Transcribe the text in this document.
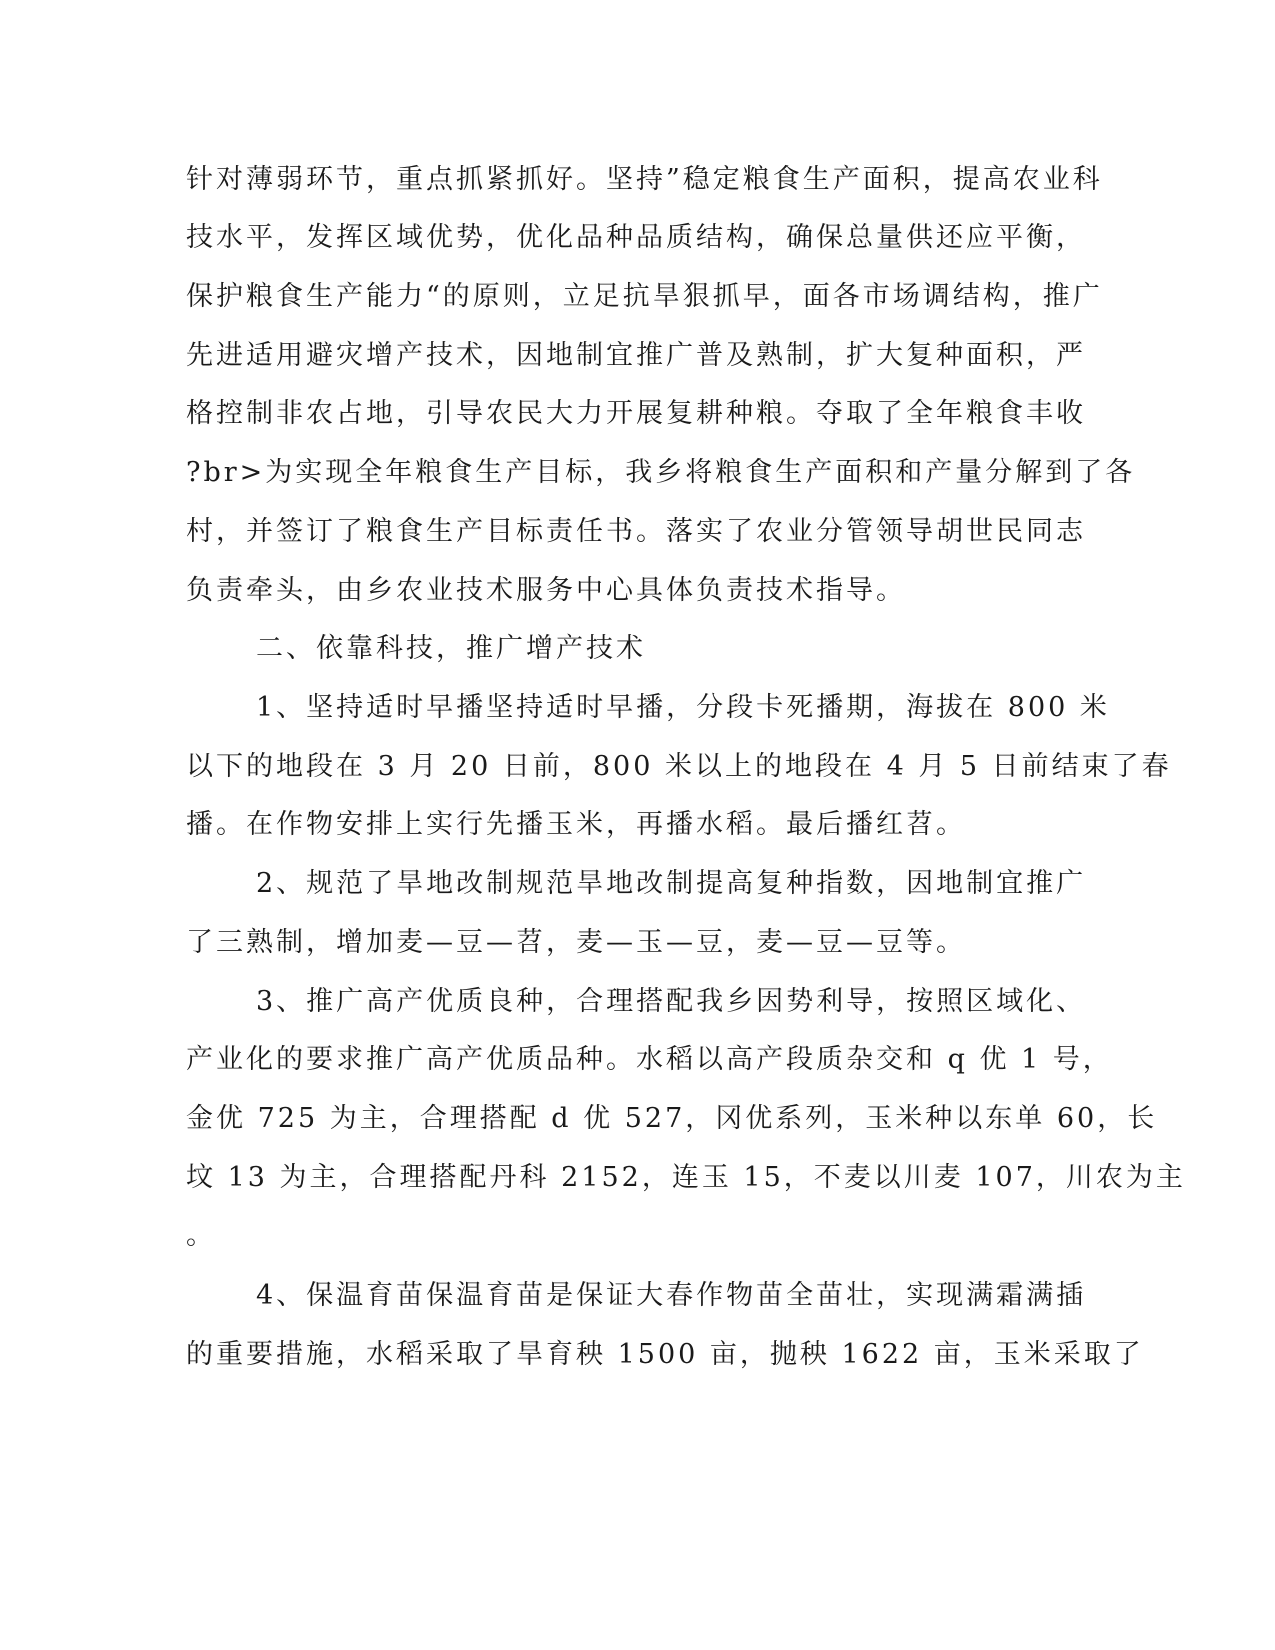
针对薄弱环节，重点抓紧抓好。坚持”稳定粮食生产面积，提高农业科
技水平，发挥区域优势，优化品种品质结构，确保总量供还应平衡，
保护粮食生产能力“的原则，立足抗旱狠抓早，面各市场调结构，推广
先进适用避灾增产技术，因地制宜推广普及熟制，扩大复种面积，严
格控制非农占地，引导农民大力开展复耕种粮。夺取了全年粮食丰收
?br>为实现全年粮食生产目标，我乡将粮食生产面积和产量分解到了各
村，并签订了粮食生产目标责任书。落实了农业分管领导胡世民同志
负责牵头，由乡农业技术服务中心具体负责技术指导。
二、依靠科技，推广增产技术
1、坚持适时早播坚持适时早播，分段卡死播期，海拔在 800 米
以下的地段在 3 月 20 日前，800 米以上的地段在 4 月 5 日前结束了春
播。在作物安排上实行先播玉米，再播水稻。最后播红苕。
2、规范了旱地改制规范旱地改制提高复种指数，因地制宜推广
了三熟制，增加麦—豆—苕，麦—玉—豆，麦—豆—豆等。
3、推广高产优质良种，合理搭配我乡因势利导，按照区域化、
产业化的要求推广高产优质品种。水稻以高产段质杂交和 q 优 1 号，
金优 725 为主，合理搭配 d 优 527，冈优系列，玉米种以东单 60，长
坟 13 为主，合理搭配丹科 2152，连玉 15，不麦以川麦 107，川农为主
。
4、保温育苗保温育苗是保证大春作物苗全苗壮，实现满霜满插
的重要措施，水稻采取了旱育秧 1500 亩，抛秧 1622 亩，玉米采取了
